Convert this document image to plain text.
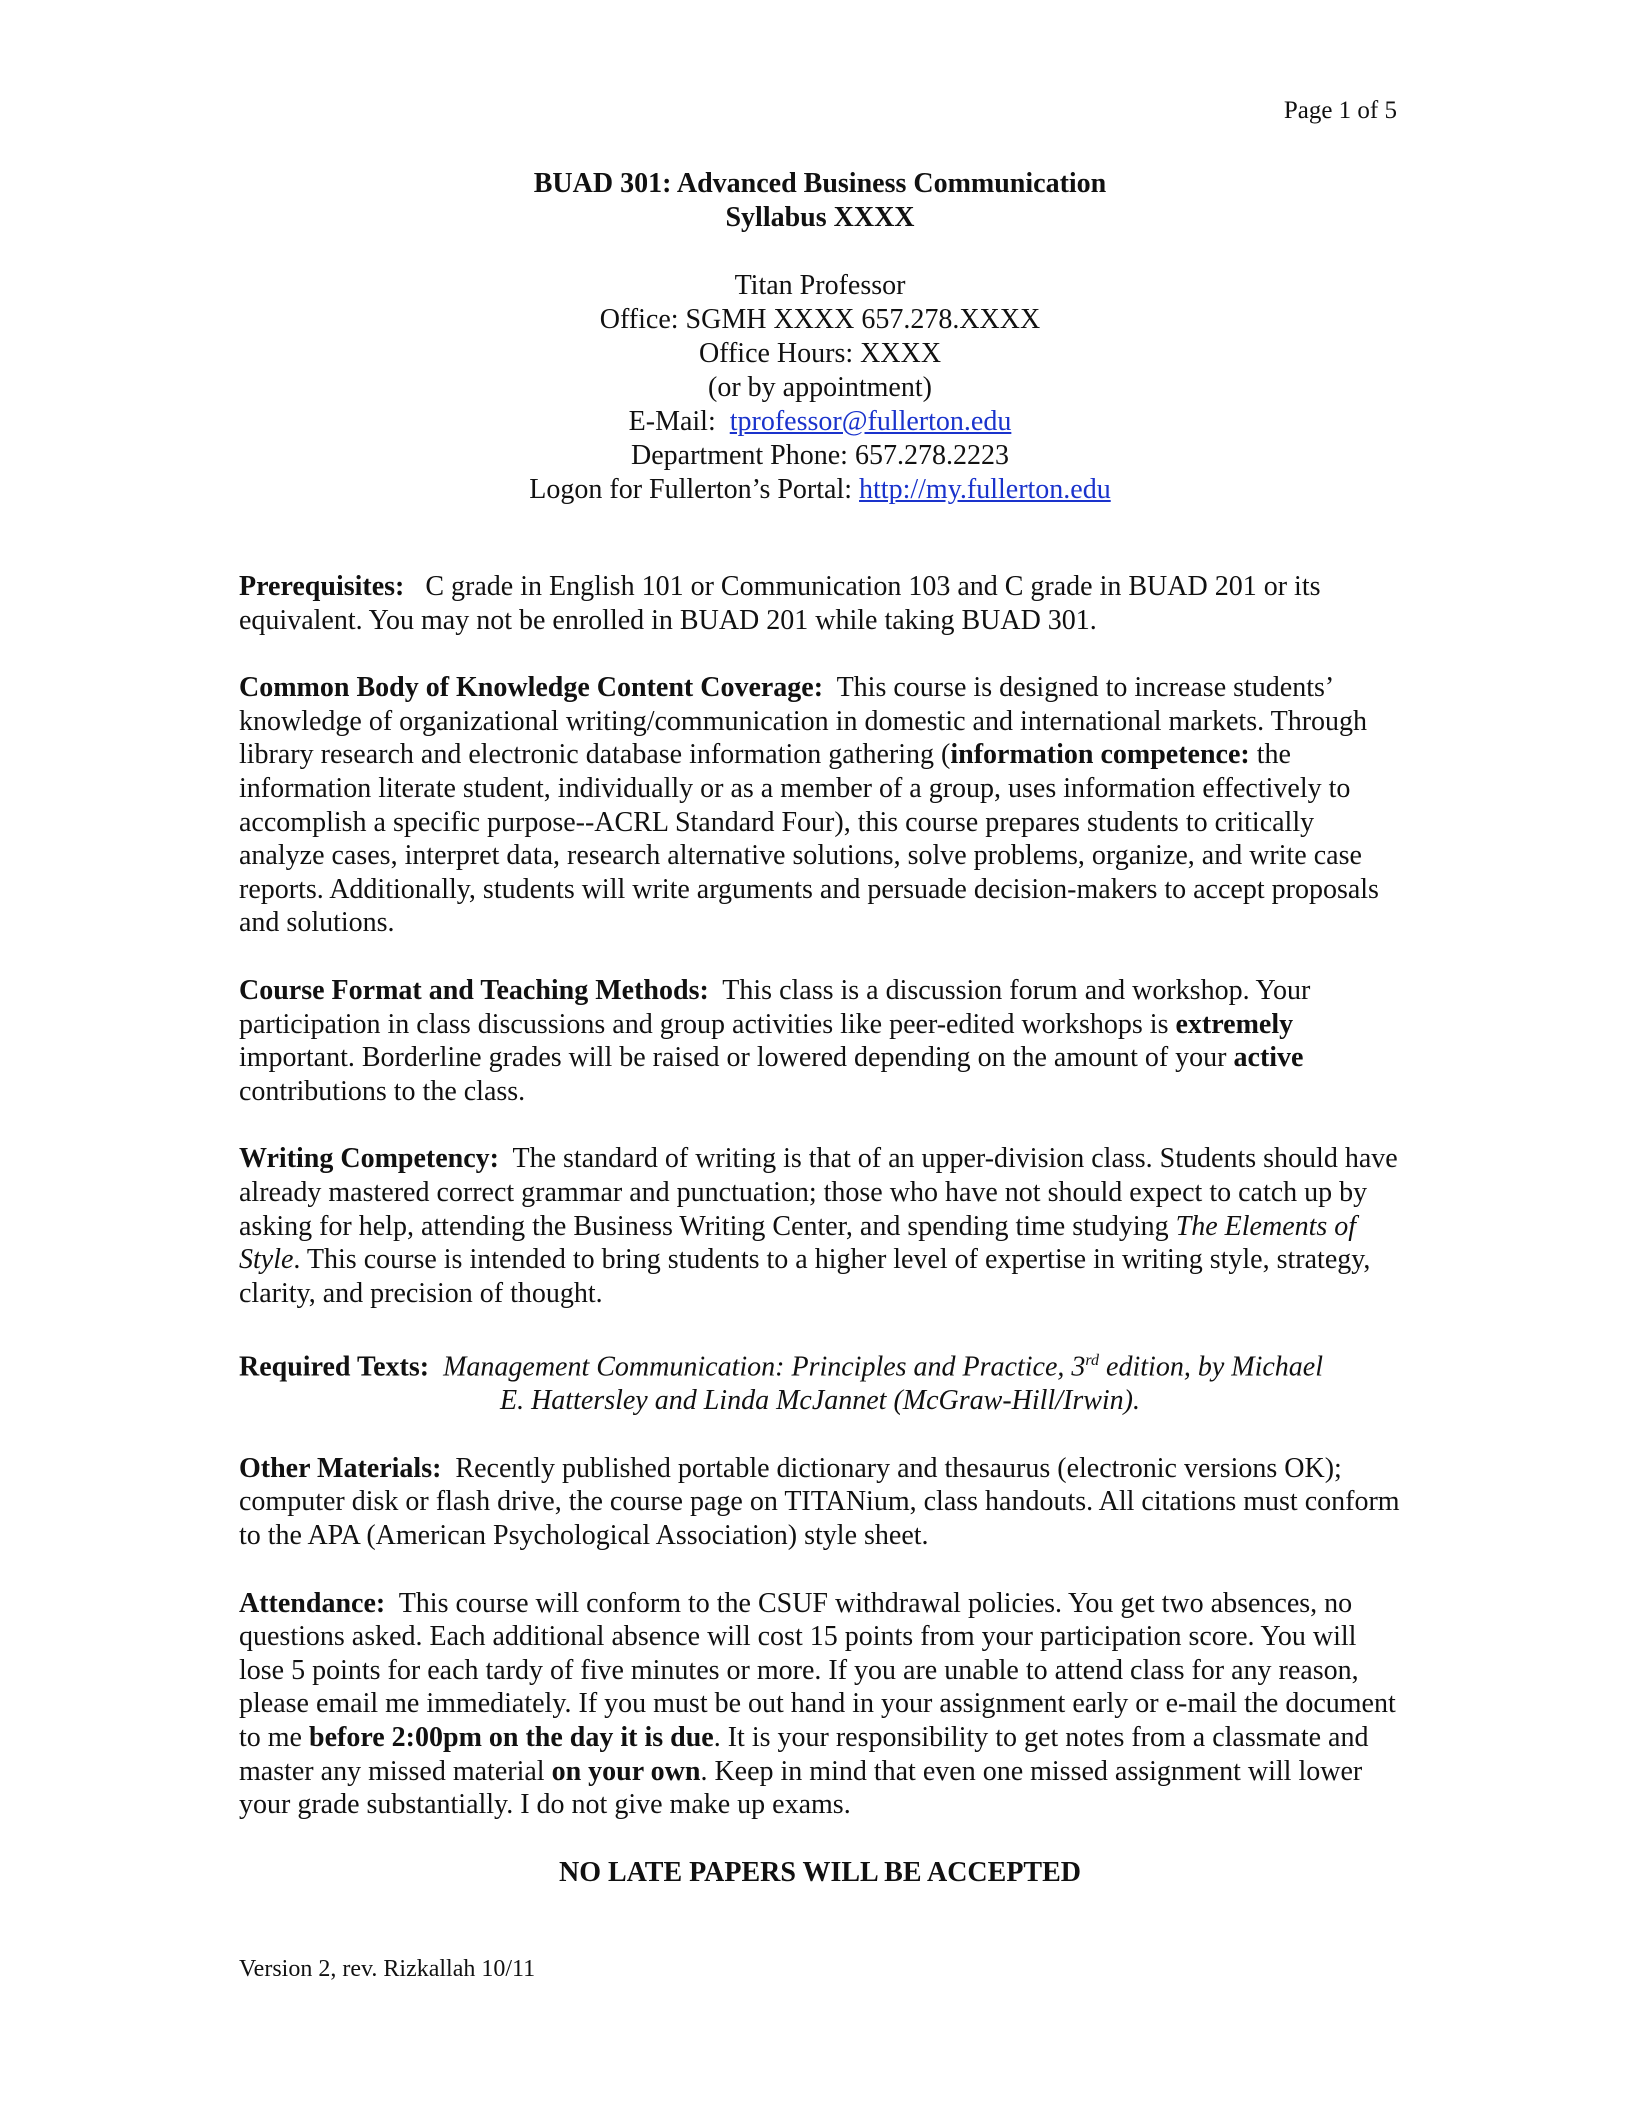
Page 1 of 5
BUAD 301: Advanced Business Communication
Syllabus XXXX
Titan Professor
Office: SGMH XXXX 657.278.XXXX
Office Hours: XXXX
(or by appointment)
E-Mail: tprofessor@fullerton.edu
Department Phone: 657.278.2223
Logon for Fullerton’s Portal: http://my.fullerton.edu

Prerequisites: C grade in English 101 or Communication 103 and C grade in BUAD 201 or its equivalent. You may not be enrolled in BUAD 201 while taking BUAD 301.

Common Body of Knowledge Content Coverage: This course is designed to increase students’ knowledge of organizational writing/communication in domestic and international markets. Through library research and electronic database information gathering (information competence: the information literate student, individually or as a member of a group, uses information effectively to accomplish a specific purpose--ACRL Standard Four), this course prepares students to critically analyze cases, interpret data, research alternative solutions, solve problems, organize, and write case reports. Additionally, students will write arguments and persuade decision-makers to accept proposals and solutions.

Course Format and Teaching Methods: This class is a discussion forum and workshop. Your participation in class discussions and group activities like peer-edited workshops is extremely important. Borderline grades will be raised or lowered depending on the amount of your active contributions to the class.

Writing Competency: The standard of writing is that of an upper-division class. Students should have already mastered correct grammar and punctuation; those who have not should expect to catch up by asking for help, attending the Business Writing Center, and spending time studying The Elements of Style. This course is intended to bring students to a higher level of expertise in writing style, strategy, clarity, and precision of thought.

Required Texts: Management Communication: Principles and Practice, 3rd edition, by Michael
E. Hattersley and Linda McJannet (McGraw-Hill/Irwin).

Other Materials: Recently published portable dictionary and thesaurus (electronic versions OK); computer disk or flash drive, the course page on TITANium, class handouts. All citations must conform to the APA (American Psychological Association) style sheet.

Attendance: This course will conform to the CSUF withdrawal policies. You get two absences, no questions asked. Each additional absence will cost 15 points from your participation score. You will lose 5 points for each tardy of five minutes or more. If you are unable to attend class for any reason, please email me immediately. If you must be out hand in your assignment early or e-mail the document to me before 2:00pm on the day it is due. It is your responsibility to get notes from a classmate and master any missed material on your own. Keep in mind that even one missed assignment will lower your grade substantially. I do not give make up exams.

NO LATE PAPERS WILL BE ACCEPTED
Version 2, rev. Rizkallah 10/11
